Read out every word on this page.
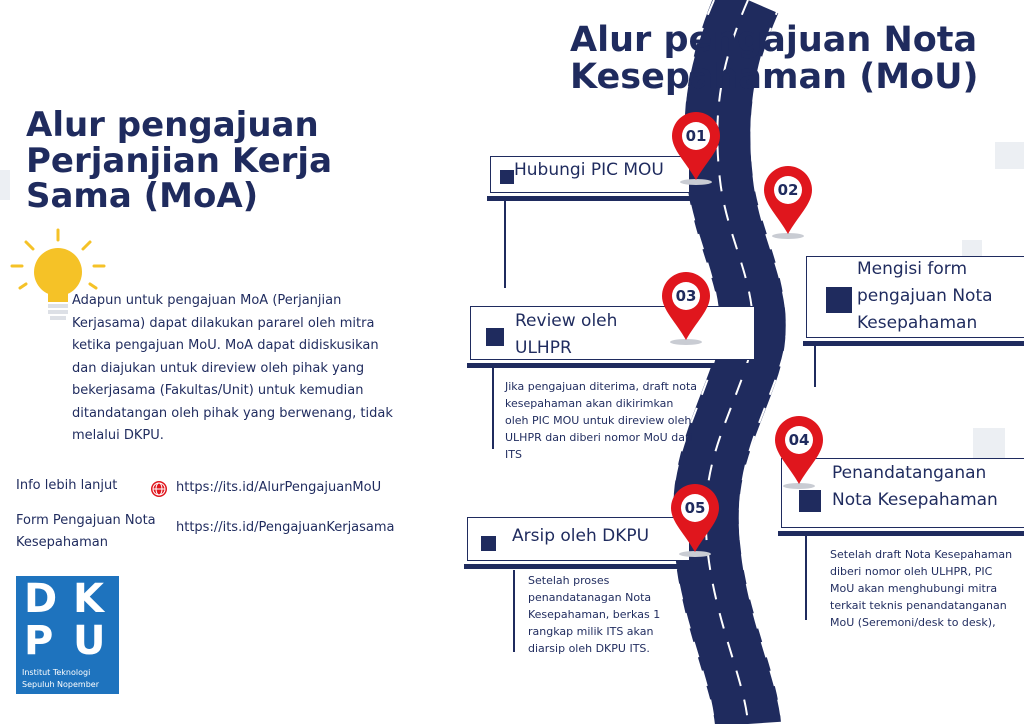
Alur pengajuan Nota Kesepahaman (MoU)
Alur pengajuan Perjanjian Kerja Sama (MoA)

Adapun untuk pengajuan MoA (Perjanjian Kerjasama) dapat dilakukan pararel oleh mitra ketika pengajuan MoU. MoA dapat didiskusikan dan diajukan untuk direview oleh pihak yang bekerjasama (Fakultas/Unit) untuk kemudian ditandatangan oleh pihak yang berwenang, tidak melalui DKPU.

Info lebih lanjut	https://its.id/AlurPengajuanMoU
Form Pengajuan Nota Kesepahaman
https://its.id/PengajuanKerjasama
D K
P U
Institut Teknologi
Sepuluh Nopember
Hubungi PIC MOU
Mengisi form pengajuan Nota Kesepahaman
Review oleh ULHPR

Jika pengajuan diterima, draft nota kesepahaman akan dikirimkan oleh PIC MOU untuk direview oleh ULHPR dan diberi nomor MoU dari ITS

Penandatanganan Nota Kesepahaman

Setelah draft Nota Kesepahaman diberi nomor oleh ULHPR, PIC MoU akan menghubungi mitra terkait teknis penandatanganan MoU (Seremoni/desk to desk),

Arsip oleh DKPU

Setelah proses penandatanagan Nota Kesepahaman, berkas 1 rangkap milik ITS akan diarsip oleh DKPU ITS.

01
02
03
04
05
